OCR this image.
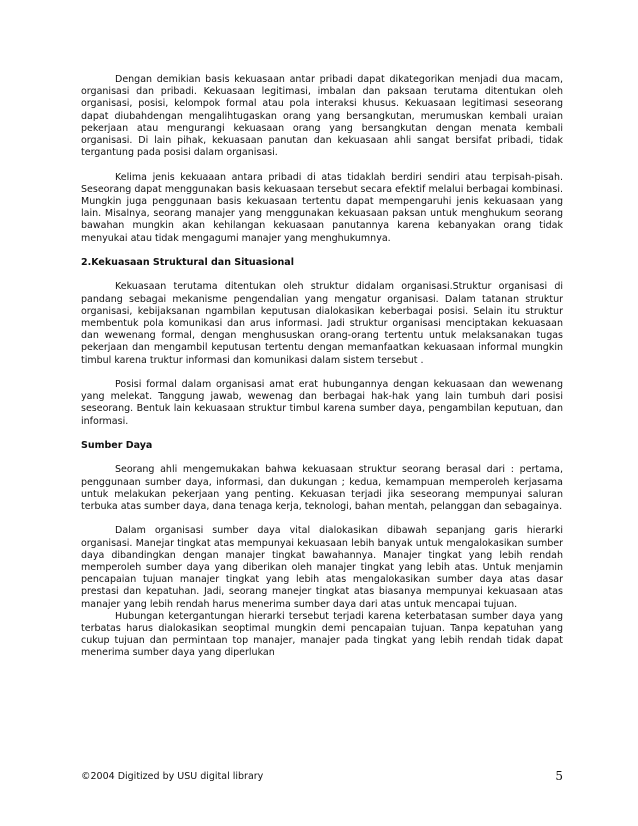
Dengan demikian basis kekuasaan antar pribadi dapat dikategorikan menjadi dua macam, organisasi dan pribadi. Kekuasaan legitimasi, imbalan dan paksaan terutama ditentukan oleh organisasi, posisi, kelompok formal atau pola interaksi khusus. Kekuasaan legitimasi seseorang dapat diubahdengan mengalihtugaskan orang yang bersangkutan, merumuskan kembali uraian pekerjaan atau mengurangi kekuasaan orang yang bersangkutan dengan menata kembali organisasi. Di lain pihak, kekuasaan panutan dan kekuasaan ahli sangat bersifat pribadi, tidak tergantung pada posisi dalam organisasi.

Kelima jenis kekuaaan antara pribadi di atas tidaklah berdiri sendiri atau terpisah-pisah. Seseorang dapat menggunakan basis kekuasaan tersebut secara efektif melalui berbagai kombinasi. Mungkin juga penggunaan basis kekuasaan tertentu dapat mempengaruhi jenis kekuasaan yang lain. Misalnya, seorang manajer yang menggunakan kekuasaan paksan untuk menghukum seorang bawahan mungkin akan kehilangan kekuasaan panutannya karena kebanyakan orang tidak menyukai atau tidak mengagumi manajer yang menghukumnya.

2.Kekuasaan Struktural dan Situasional

Kekuasaan terutama ditentukan oleh struktur didalam organisasi.Struktur organisasi di pandang sebagai mekanisme pengendalian yang mengatur organisasi. Dalam tatanan struktur organisasi, kebijaksanan ngambilan keputusan dialokasikan keberbagai posisi. Selain itu struktur membentuk pola komunikasi dan arus informasi. Jadi struktur organisasi menciptakan kekuasaan dan wewenang formal, dengan menghususkan orang-orang tertentu untuk melaksanakan tugas pekerjaan dan mengambil keputusan tertentu dengan memanfaatkan kekuasaan informal mungkin timbul karena truktur informasi dan komunikasi dalam sistem tersebut .

Posisi formal dalam organisasi amat erat hubungannya dengan kekuasaan dan wewenang yang melekat. Tanggung jawab, wewenag dan berbagai hak-hak yang lain tumbuh dari posisi seseorang. Bentuk lain kekuasaan struktur timbul karena sumber daya, pengambilan keputuan, dan informasi.

Sumber Daya

Seorang ahli mengemukakan bahwa kekuasaan struktur seorang berasal dari : pertama, penggunaan sumber daya, informasi, dan dukungan ; kedua, kemampuan memperoleh kerjasama untuk melakukan pekerjaan yang penting. Kekuasan terjadi jika seseorang mempunyai saluran terbuka atas sumber daya, dana tenaga kerja, teknologi, bahan mentah, pelanggan dan sebagainya.

Dalam organisasi sumber daya vital dialokasikan dibawah sepanjang garis hierarki organisasi. Manejar tingkat atas mempunyai kekuasaan lebih banyak untuk mengalokasikan sumber daya dibandingkan dengan manajer tingkat bawahannya. Manajer tingkat yang lebih rendah memperoleh sumber daya yang diberikan oleh manajer tingkat yang lebih atas. Untuk menjamin pencapaian tujuan manajer tingkat yang lebih atas mengalokasikan sumber daya atas dasar prestasi dan kepatuhan. Jadi, seorang manejer tingkat atas biasanya mempunyai kekuasaan atas manajer yang lebih rendah harus menerima sumber daya dari atas untuk mencapai tujuan.

Hubungan ketergantungan hierarki tersebut terjadi karena keterbatasan sumber daya yang terbatas harus dialokasikan seoptimal mungkin demi pencapaian tujuan. Tanpa kepatuhan yang cukup tujuan dan permintaan top manajer, manajer pada tingkat yang lebih rendah tidak dapat menerima sumber daya yang diperlukan

©2004 Digitized by USU digital library	5
